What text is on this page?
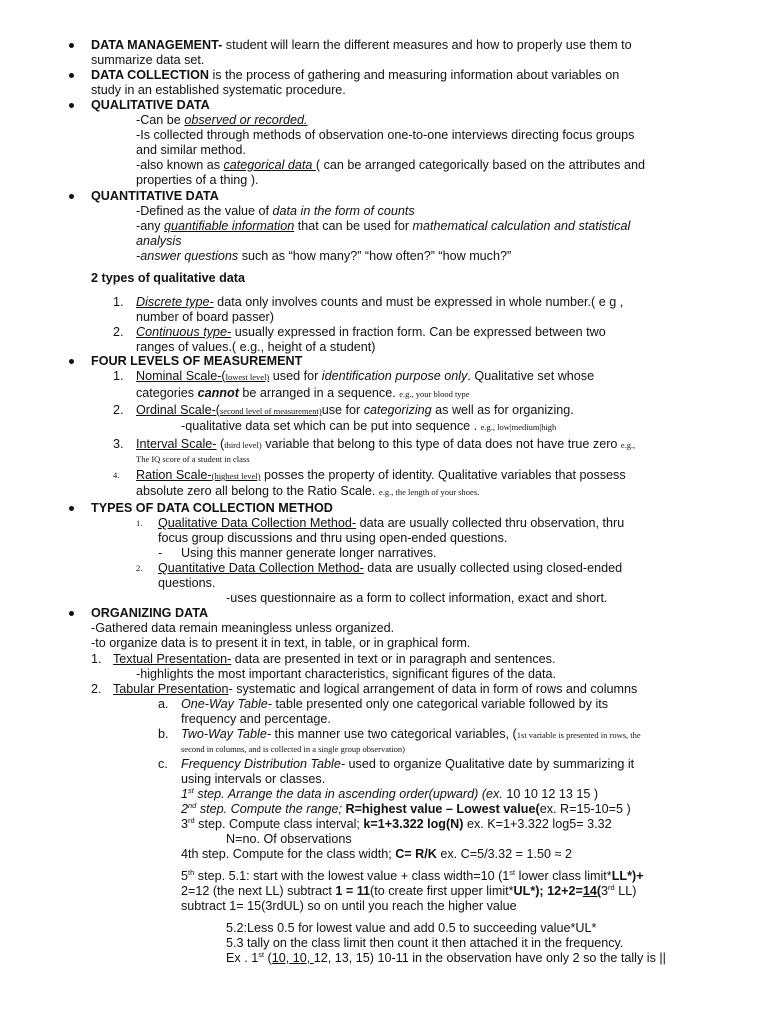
DATA MANAGEMENT- student will learn the different measures and how to properly use them to
summarize data set.
DATA COLLECTION is the process of gathering and measuring information about variables on
study in an established systematic procedure.
QUALITATIVE DATA
-Can be observed or recorded.
-Is collected through methods of observation one-to-one interviews directing focus groups
and similar method.
-also known as categorical data ( can be arranged categorically based on the attributes and
properties of a thing ).
QUANTITATIVE DATA
-Defined as the value of data in the form of counts
-any quantifiable information that can be used for mathematical calculation and statistical
analysis
-answer questions such as “how many?” “how often?” “how much?”
2 types of qualitative data
1. Discrete type- data only involves counts and must be expressed in whole number.( e g ,
number of board passer)
2. Continuous type- usually expressed in fraction form. Can be expressed between two
ranges of values.( e.g., height of a student)
FOUR LEVELS OF MEASUREMENT
1. Nominal Scale-(lowest level) used for identification purpose only. Qualitative set whose
categories cannot be arranged in a sequence. e.g., your blood type
2. Ordinal Scale-(second level of measurement)use for categorizing as well as for organizing.
-qualitative data set which can be put into sequence . e.g., low|medium|high
3. Interval Scale- (third level) variable that belong to this type of data does not have true zero e.g.,
The IQ score of a student in class
4. Ration Scale-(highest level) posses the property of identity. Qualitative variables that possess
absolute zero all belong to the Ratio Scale. e.g., the length of your shoes.
TYPES OF DATA COLLECTION METHOD
1. Qualitative Data Collection Method- data are usually collected thru observation, thru
focus group discussions and thru using open-ended questions.
- Using this manner generate longer narratives.
2. Quantitative Data Collection Method- data are usually collected using closed-ended
questions.
-uses questionnaire as a form to collect information, exact and short.
ORGANIZING DATA
-Gathered data remain meaningless unless organized.
-to organize data is to present it in text, in table, or in graphical form.
1. Textual Presentation- data are presented in text or in paragraph and sentences.
-highlights the most important characteristics, significant figures of the data.
2. Tabular Presentation- systematic and logical arrangement of data in form of rows and columns
a. One-Way Table- table presented only one categorical variable followed by its
frequency and percentage.
b. Two-Way Table- this manner use two categorical variables, (1st variable is presented in rows, the
second in columns, and is collected in a single group observation)
c. Frequency Distribution Table- used to organize Qualitative date by summarizing it
using intervals or classes.
1st step. Arrange the data in ascending order(upward) (ex. 10 10 12 13 15 )
2nd step. Compute the range; R=highest value – Lowest value(ex. R=15-10=5 )
3rd step. Compute class interval; k=1+3.322 log(N) ex. K=1+3.322 log5= 3.32
N=no. Of observations
4th step. Compute for the class width; C= R/K ex. C=5/3.32 = 1.50 ≈ 2
5th step. 5.1: start with the lowest value + class width=10 (1st lower class limit*LL*)+
2=12 (the next LL) subtract 1 = 11(to create first upper limit*UL*); 12+2=14(3rd LL)
subtract 1= 15(3rdUL) so on until you reach the higher value
5.2:Less 0.5 for lowest value and add 0.5 to succeeding value*UL*
5.3 tally on the class limit then count it then attached it in the frequency.
Ex . 1st (10, 10, 12, 13, 15) 10-11 in the observation have only 2 so the tally is ||
